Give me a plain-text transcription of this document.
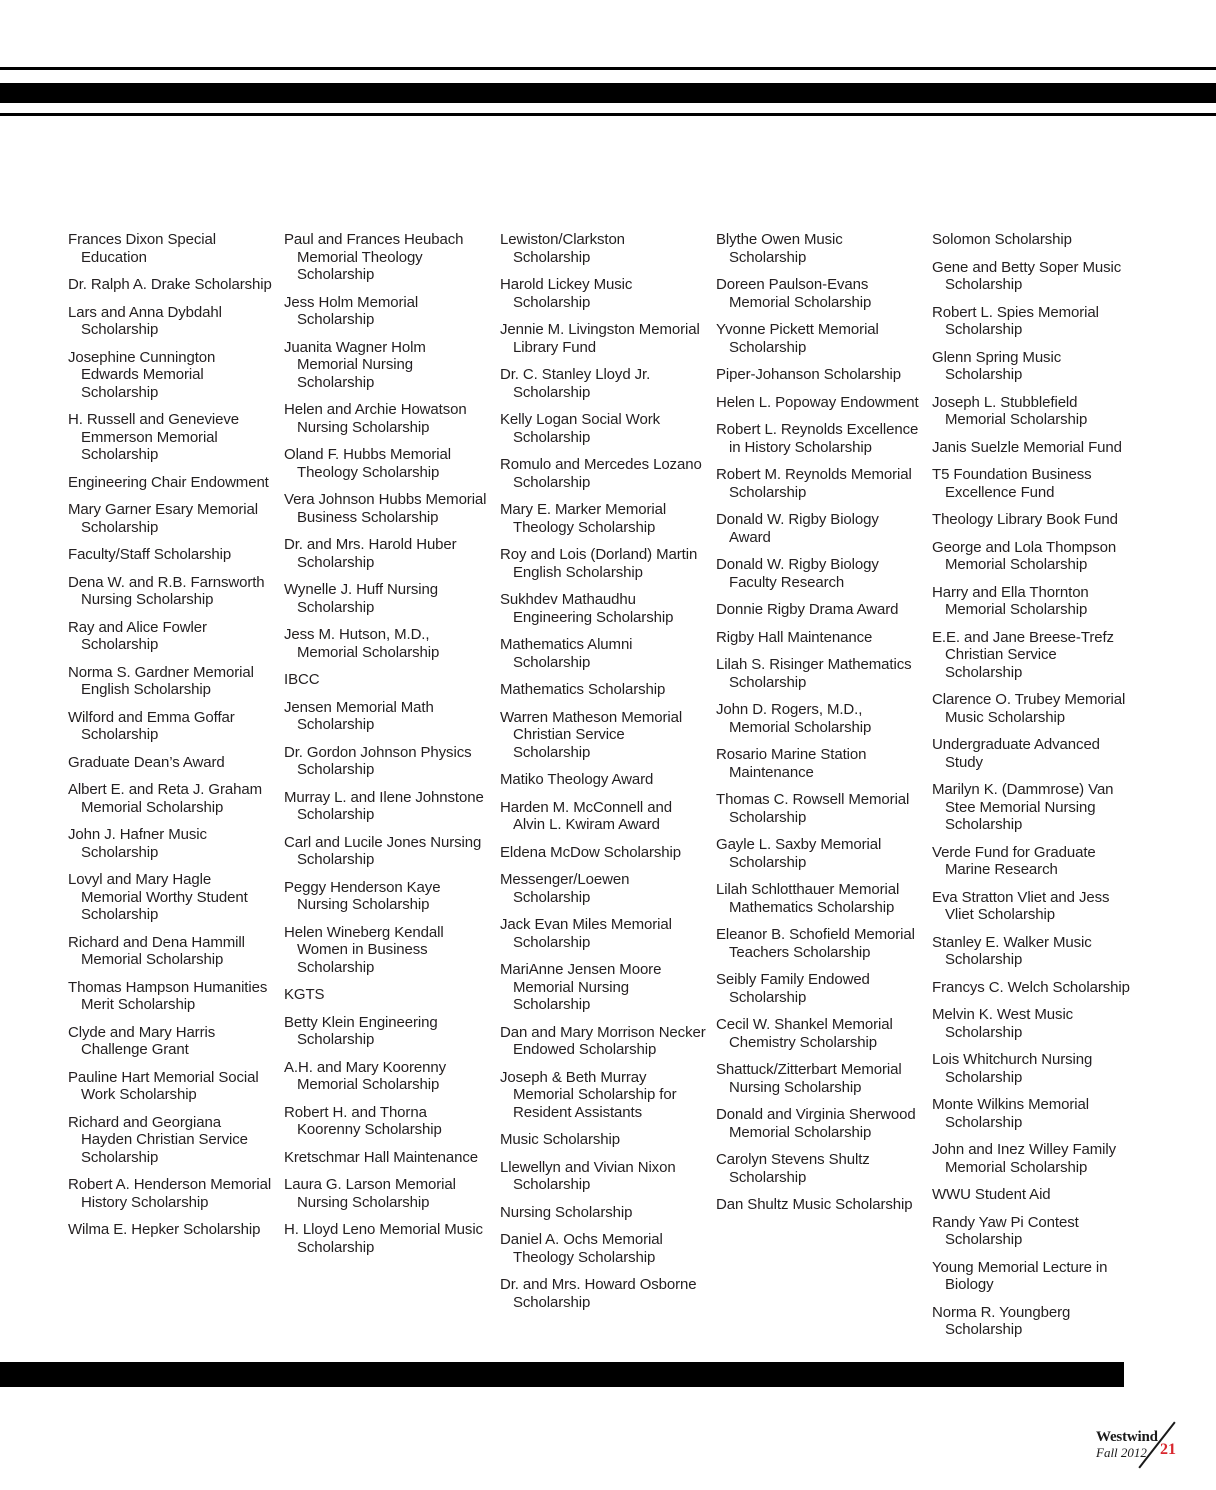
Frances Dixon Special Education

Dr. Ralph A. Drake Scholarship

Lars and Anna Dybdahl Scholarship

Josephine Cunnington Edwards Memorial Scholarship

H. Russell and Genevieve Emmerson Memorial Scholarship

Engineering Chair Endowment

Mary Garner Esary Memorial Scholarship

Faculty/Staff Scholarship

Dena W. and R.B. Farnsworth Nursing Scholarship

Ray and Alice Fowler Scholarship

Norma S. Gardner Memorial English Scholarship

Wilford and Emma Goffar Scholarship

Graduate Dean’s Award

Albert E. and Reta J. Graham Memorial Scholarship

John J. Hafner Music Scholarship

Lovyl and Mary Hagle Memorial Worthy Student Scholarship

Richard and Dena Hammill Memorial Scholarship

Thomas Hampson Humanities Merit Scholarship

Clyde and Mary Harris Challenge Grant

Pauline Hart Memorial Social Work Scholarship

Richard and Georgiana Hayden Christian Service Scholarship

Robert A. Henderson Memorial History Scholarship

Wilma E. Hepker Scholarship

Paul and Frances Heubach Memorial Theology Scholarship

Jess Holm Memorial Scholarship

Juanita Wagner Holm Memorial Nursing Scholarship

Helen and Archie Howatson Nursing Scholarship

Oland F. Hubbs Memorial Theology Scholarship

Vera Johnson Hubbs Memorial Business Scholarship

Dr. and Mrs. Harold Huber Scholarship

Wynelle J. Huff Nursing Scholarship

Jess M. Hutson, M.D., Memorial Scholarship

IBCC

Jensen Memorial Math Scholarship

Dr. Gordon Johnson Physics Scholarship

Murray L. and Ilene Johnstone Scholarship

Carl and Lucile Jones Nursing Scholarship

Peggy Henderson Kaye Nursing Scholarship

Helen Wineberg Kendall Women in Business Scholarship

KGTS

Betty Klein Engineering Scholarship

A.H. and Mary Koorenny Memorial Scholarship

Robert H. and Thorna Koorenny Scholarship

Kretschmar Hall Maintenance

Laura G. Larson Memorial Nursing Scholarship

H. Lloyd Leno Memorial Music Scholarship

Lewiston/Clarkston Scholarship

Harold Lickey Music Scholarship

Jennie M. Livingston Memorial Library Fund

Dr. C. Stanley Lloyd Jr. Scholarship

Kelly Logan Social Work Scholarship

Romulo and Mercedes Lozano Scholarship

Mary E. Marker Memorial Theology Scholarship

Roy and Lois (Dorland) Martin English Scholarship

Sukhdev Mathaudhu Engineering Scholarship

Mathematics Alumni Scholarship

Mathematics Scholarship

Warren Matheson Memorial Christian Service Scholarship

Matiko Theology Award

Harden M. McConnell and Alvin L. Kwiram Award

Eldena McDow Scholarship

Messenger/Loewen Scholarship

Jack Evan Miles Memorial Scholarship

MariAnne Jensen Moore Memorial Nursing Scholarship

Dan and Mary Morrison Necker Endowed Scholarship

Joseph & Beth Murray Memorial Scholarship for Resident Assistants

Music Scholarship

Llewellyn and Vivian Nixon Scholarship

Nursing Scholarship

Daniel A. Ochs Memorial Theology Scholarship

Dr. and Mrs. Howard Osborne Scholarship

Blythe Owen Music Scholarship

Doreen Paulson-Evans Memorial Scholarship

Yvonne Pickett Memorial Scholarship

Piper-Johanson Scholarship

Helen L. Popoway Endowment

Robert L. Reynolds Excellence in History Scholarship

Robert M. Reynolds Memorial Scholarship

Donald W. Rigby Biology Award

Donald W. Rigby Biology Faculty Research

Donnie Rigby Drama Award

Rigby Hall Maintenance

Lilah S. Risinger Mathematics Scholarship

John D. Rogers, M.D., Memorial Scholarship

Rosario Marine Station Maintenance

Thomas C. Rowsell Memorial Scholarship

Gayle L. Saxby Memorial Scholarship

Lilah Schlotthauer Memorial Mathematics Scholarship

Eleanor B. Schofield Memorial Teachers Scholarship

Seibly Family Endowed Scholarship

Cecil W. Shankel Memorial Chemistry Scholarship

Shattuck/Zitterbart Memorial Nursing Scholarship

Donald and Virginia Sherwood Memorial Scholarship

Carolyn Stevens Shultz Scholarship

Dan Shultz Music Scholarship

Solomon Scholarship

Gene and Betty Soper Music Scholarship

Robert L. Spies Memorial Scholarship

Glenn Spring Music Scholarship

Joseph L. Stubblefield Memorial Scholarship

Janis Suelzle Memorial Fund

T5 Foundation Business Excellence Fund

Theology Library Book Fund

George and Lola Thompson Memorial Scholarship

Harry and Ella Thornton Memorial Scholarship

E.E. and Jane Breese-Trefz Christian Service Scholarship

Clarence O. Trubey Memorial Music Scholarship

Undergraduate Advanced Study

Marilyn K. (Dammrose) Van Stee Memorial Nursing Scholarship

Verde Fund for Graduate Marine Research

Eva Stratton Vliet and Jess Vliet Scholarship

Stanley E. Walker Music Scholarship

Francys C. Welch Scholarship

Melvin K. West Music Scholarship

Lois Whitchurch Nursing Scholarship

Monte Wilkins Memorial Scholarship

John and Inez Willey Family Memorial Scholarship

WWU Student Aid

Randy Yaw Pi Contest Scholarship

Young Memorial Lecture in Biology

Norma R. Youngberg Scholarship

Westwind
Fall 2012 21
